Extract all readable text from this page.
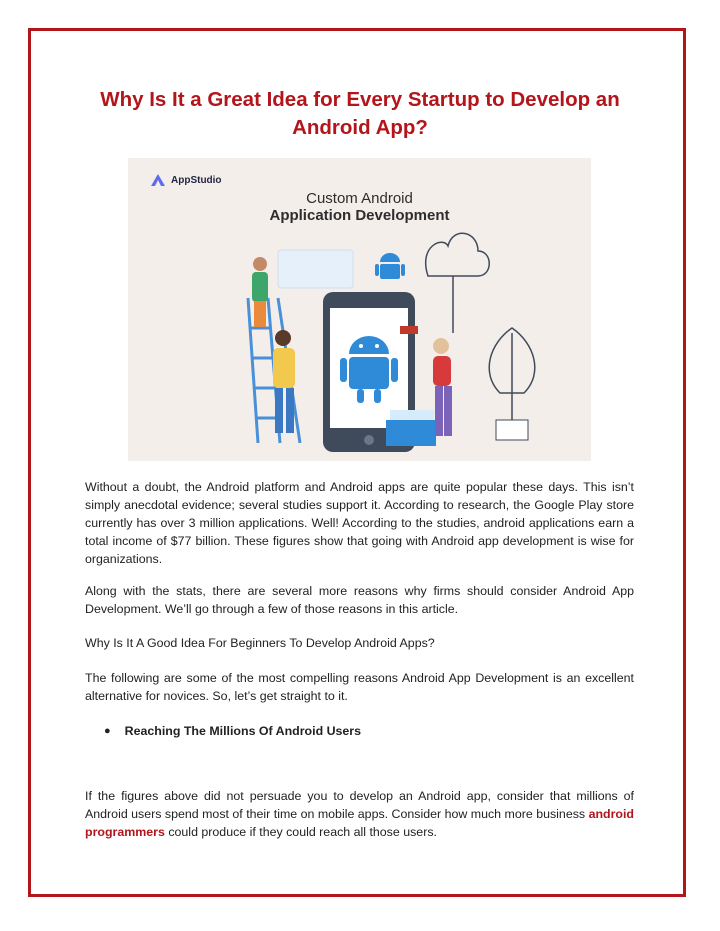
Why Is It a Great Idea for Every Startup to Develop an Android App?
AppStudio
Custom Android
Application Development

Without a doubt, the Android platform and Android apps are quite popular these days. This isn’t simply anecdotal evidence; several studies support it. According to research, the Google Play store currently has over 3 million applications. Well! According to the studies, android applications earn a total income of $77 billion. These figures show that going with Android app development is wise for organizations.

Along with the stats, there are several more reasons why firms should consider Android App Development. We’ll go through a few of those reasons in this article.

Why Is It A Good Idea For Beginners To Develop Android Apps?

The following are some of the most compelling reasons Android App Development is an excellent alternative for novices. So, let’s get straight to it.

● Reaching The Millions Of Android Users

If the figures above did not persuade you to develop an Android app, consider that millions of Android users spend most of their time on mobile apps. Consider how much more business android programmers could produce if they could reach all those users.
